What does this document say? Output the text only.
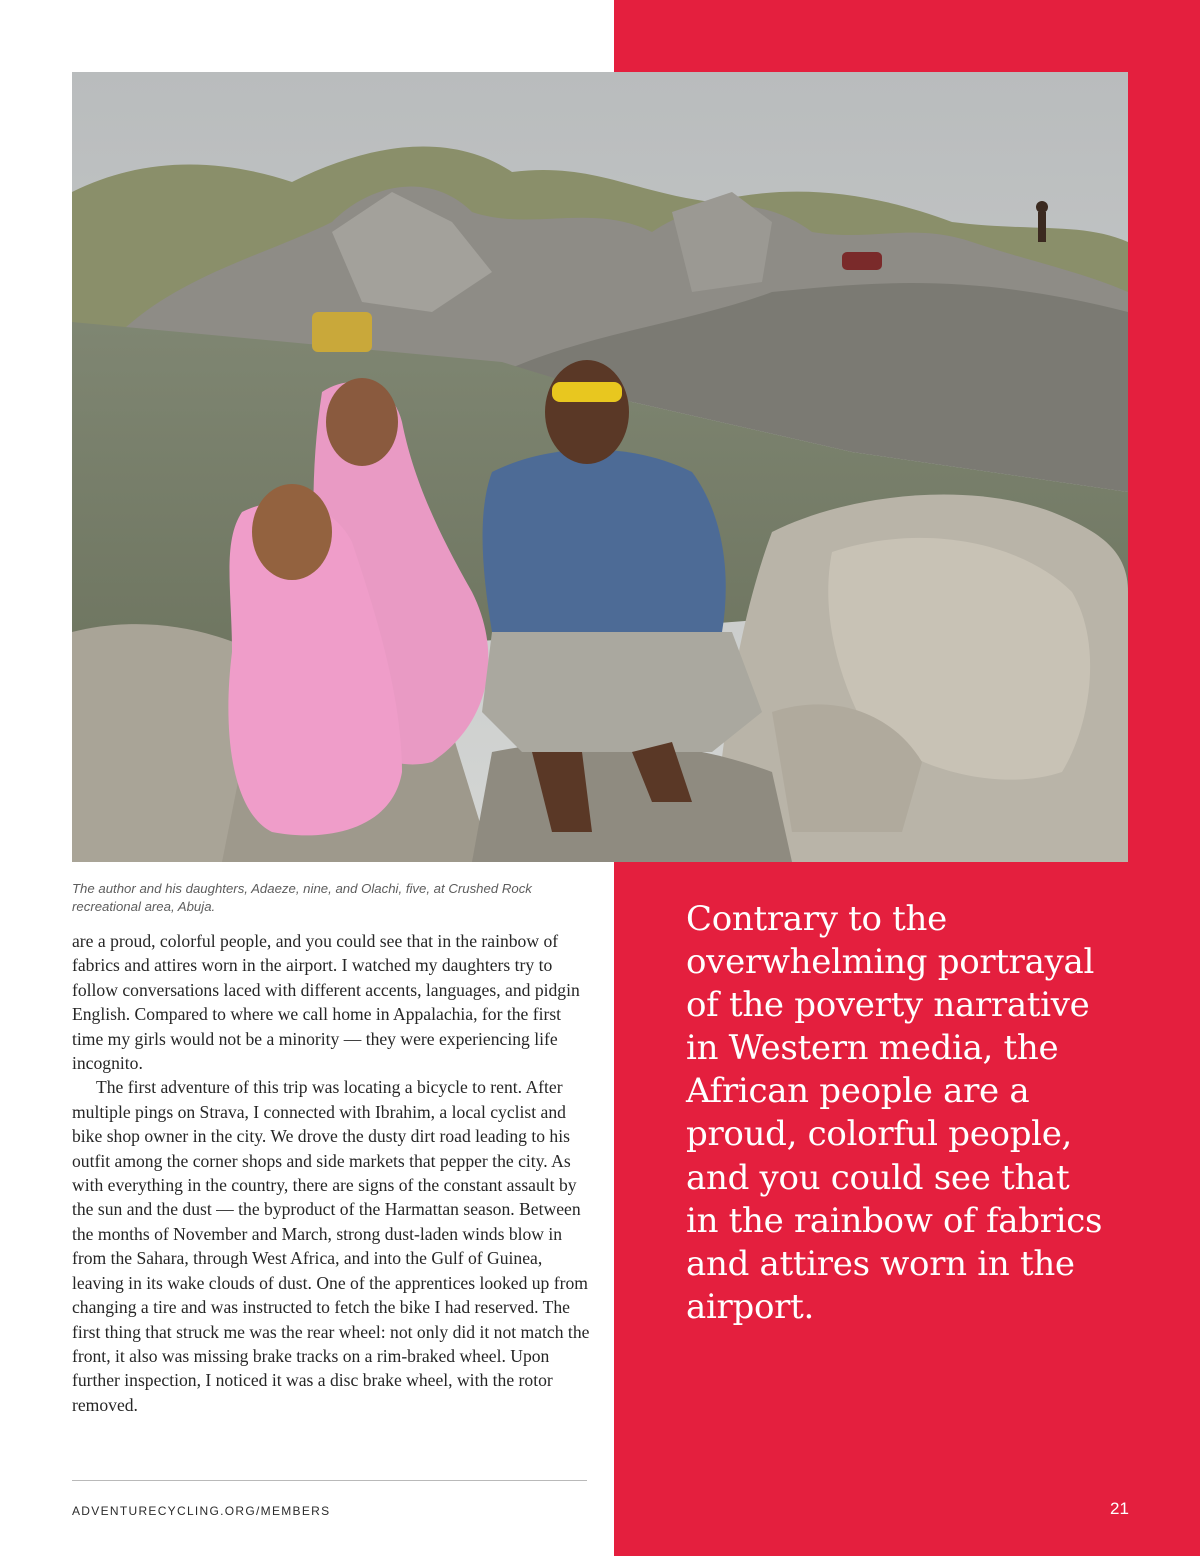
The author and his daughters, Adaeze, nine, and Olachi, five, at Crushed Rock recreational area, Abuja.

are a proud, colorful people, and you could see that in the rainbow of fabrics and attires worn in the airport. I watched my daughters try to follow conversations laced with different accents, languages, and pidgin English. Compared to where we call home in Appalachia, for the first time my girls would not be a minority — they were experiencing life incognito.

The first adventure of this trip was locating a bicycle to rent. After multiple pings on Strava, I connected with Ibrahim, a local cyclist and bike shop owner in the city. We drove the dusty dirt road leading to his outfit among the corner shops and side markets that pepper the city. As with everything in the country, there are signs of the constant assault by the sun and the dust — the byproduct of the Harmattan season. Between the months of November and March, strong dust-laden winds blow in from the Sahara, through West Africa, and into the Gulf of Guinea, leaving in its wake clouds of dust. One of the apprentices looked up from changing a tire and was instructed to fetch the bike I had reserved. The first thing that struck me was the rear wheel: not only did it not match the front, it also was missing brake tracks on a rim-braked wheel. Upon further inspection, I noticed it was a disc brake wheel, with the rotor removed.

ADVENTURECYCLING.ORG/MEMBERS
Contrary to the overwhelming portrayal of the poverty narrative in Western media, the African people are a proud, colorful people, and you could see that in the rainbow of fabrics and attires worn in the airport.
21
